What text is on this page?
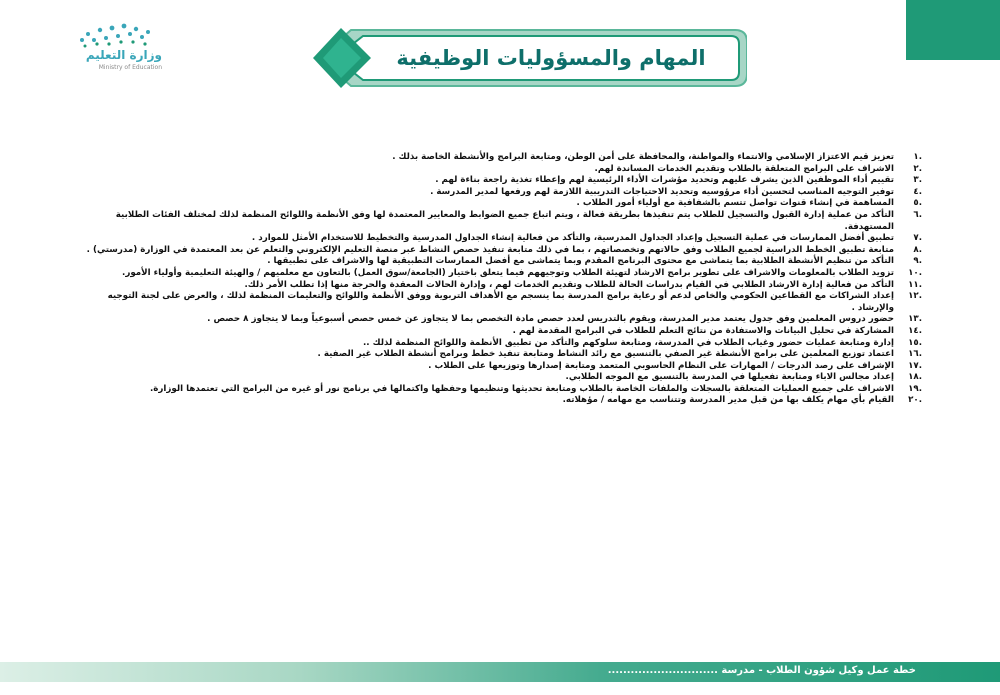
وزارة التعليم
Ministry of Education	المهام والمسؤوليات الوظيفية
.١
تعزيز قيم الاعتزاز الإسلامي والانتماء والمواطنة، والمحافظة على أمن الوطن، ومتابعة البرامج والأنشطة الخاصة بذلك .
.٢
الاشراف على البرامج المتعلقة بالطلاب وتقديم الخدمات المساندة لهم.
.٣
تقييم أداء الموظفين الذين يشرف عليهم وتحديد مؤشرات الأداء الرئيسية لهم وإعطاء تغذية راجعة بناءة لهم .
.٤
توفير التوجيه المناسب لتحسين أداء مرؤوسيه وتحديد الاحتياجات التدريبية اللازمة لهم ورفعها لمدير المدرسة .
.٥
المساهمة في إنشاء قنوات تواصل تتسم بالشفافية مع أولياء أمور الطلاب .
.٦
التأكد من عملية إدارة القبول والتسجيل للطلاب يتم تنفيذها بطريقة فعالة ، ويتم اتباع جميع الضوابط والمعايير المعتمدة لها وفق الأنظمة واللوائح المنظمة لذلك لمختلف الفئات الطلابية المستهدفة.
.٧
تطبيق أفضل الممارسات في عملية التسجيل وإعداد الجداول المدرسية، والتأكد من فعالية إنشاء الجداول المدرسية والتخطيط للاستخدام الأمثل للموارد .
.٨
متابعة تطبيق الخطط الدراسية لجميع الطلاب وفق حالاتهم وتخصصاتهم ، بما في ذلك متابعة تنفيذ حصص النشاط عبر منصة التعليم الإلكتروني والتعلم عن بعد المعتمدة في الوزارة (مدرستي) .
.٩
التأكد من تنظيم الأنشطة الطلابية بما يتماشى مع محتوى البرنامج المقدم وبما يتماشى مع أفضل الممارسات التطبيقية لها والاشراف على تطبيقها .
.١٠
تزويد الطلاب بالمعلومات والاشراف على تطوير برامج الارشاد لتهيئة الطلاب وتوجيههم فيما يتعلق باختيار (الجامعة/سوق العمل) بالتعاون مع معلميهم / والهيئة التعليمية وأولياء الأمور.
.١١
التأكد من فعالية إدارة الارشاد الطلابي في القيام بدراسات الحالة للطلاب وتقديم الخدمات لهم ، وإدارة الحالات المعقدة والحرجة منها إذا تطلب الأمر ذلك.
.١٢
إعداد الشراكات مع القطاعين الحكومي والخاص لدعم أو رعاية برامج المدرسة بما ينسجم مع الأهداف التربوية ووفق الأنظمة واللوائح والتعليمات المنظمة لذلك ، والعرض على لجنة التوجيه والإرشاد .
.١٣
حضور دروس المعلمين وفق جدول يعتمد مدير المدرسة، ويقوم بالتدريس لعدد حصص مادة التخصص بما لا يتجاوز عن خمس حصص أسبوعياً وبما لا يتجاوز ٨ حصص .
.١٤
المشاركة في تحليل البيانات والاستفادة من نتائج التعلم للطلاب في البرامج المقدمة لهم .
.١٥
إدارة ومتابعة عمليات حضور وغياب الطلاب في المدرسة، ومتابعة سلوكهم والتأكد من تطبيق الأنظمة واللوائح المنظمة لذلك ..
.١٦
اعتماد توزيع المعلمين على برامج الأنشطة غير الصفي بالتنسيق مع رائد النشاط ومتابعة تنفيذ خطط وبرامج أنشطة الطلاب غير الصفية .
.١٧
الإشراف على رصد الدرجات / المهارات على النظام الحاسوبي المتعمد ومتابعة إصدارها وتوزيعها على الطلاب .
.١٨
إعداد مجالس الاباء ومتابعة تفعيلها في المدرسة بالتنسيق مع الموجه الطلابي.
.١٩
الاشراف على جميع العمليات المتعلقة بالسجلات والملفات الخاصة بالطلاب ومتابعة تحديثها وتنظيمها وحفظها واكتمالها في برنامج نور أو غيره من البرامج التي تعتمدها الوزارة.
.٢٠
القيام بأي مهام يكلف بها من قبل مدير المدرسة وتتناسب مع مهامه / مؤهلاته.
خطة عمل وكيل شؤون الطلاب - مدرسة .............................
